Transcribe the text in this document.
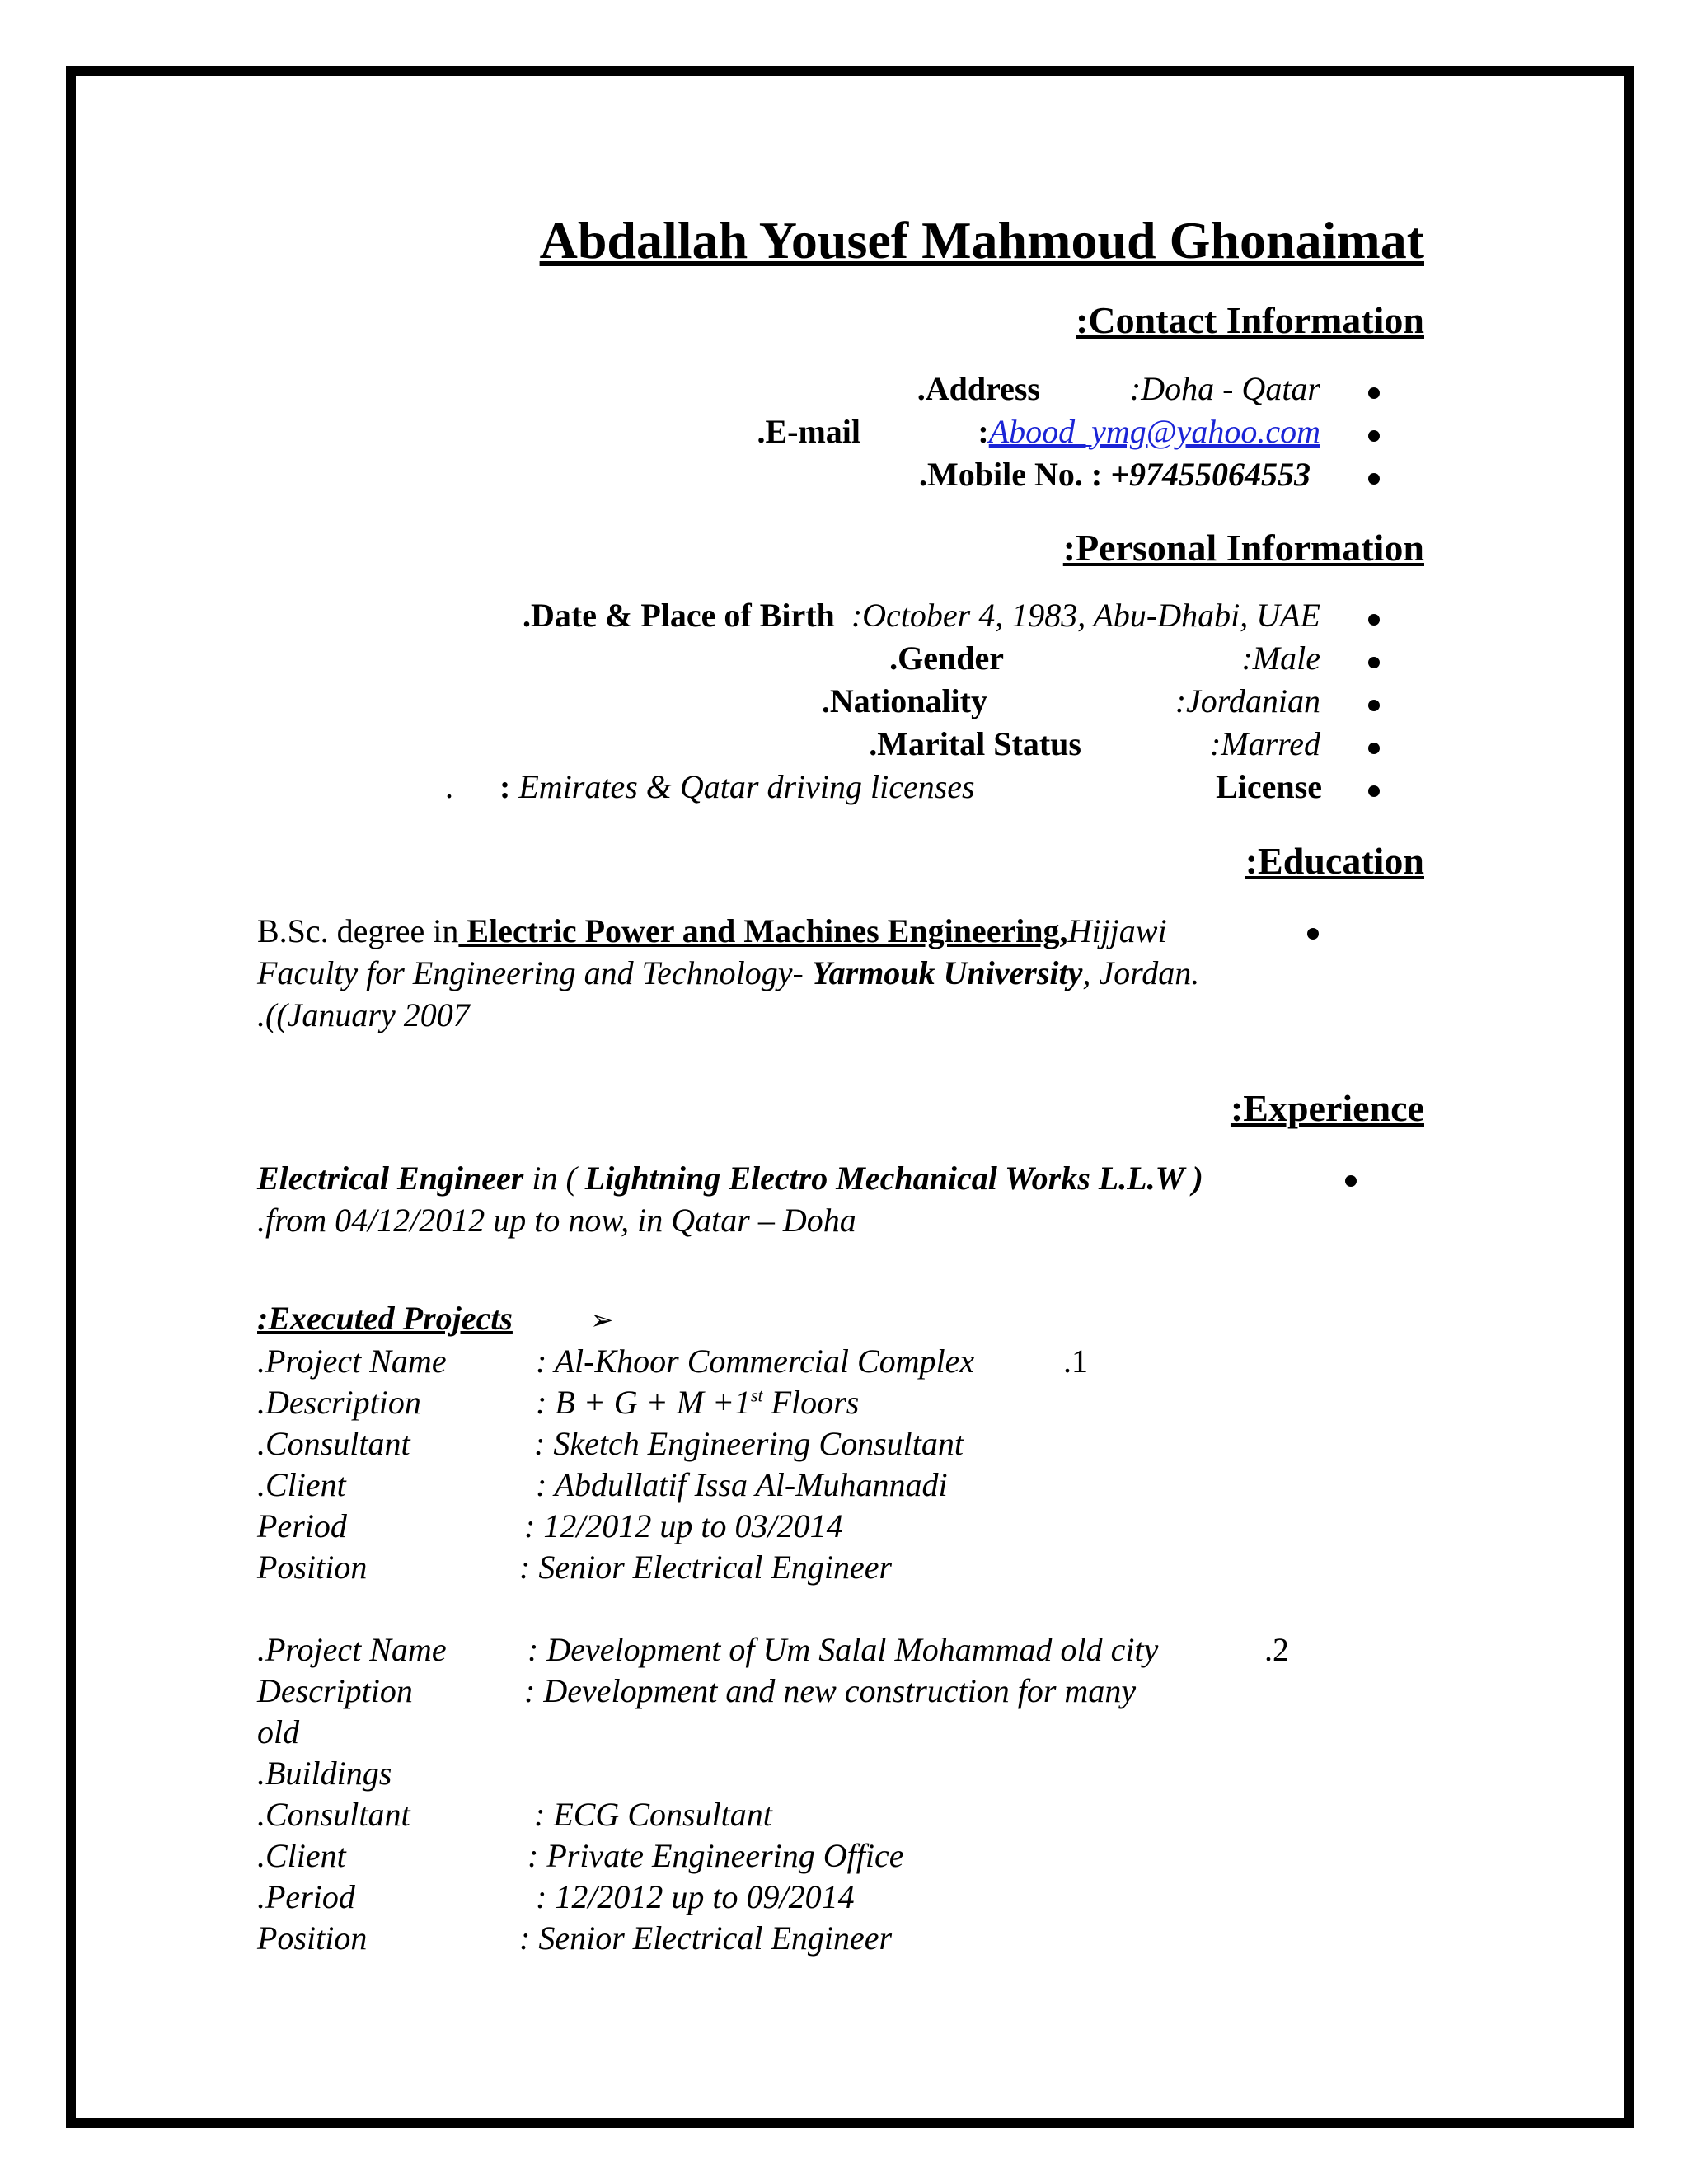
Abdallah Yousef Mahmoud Ghonaimat
:Contact Information
.Address	:Doha - Qatar
.E-mail	:Abood_ymg@yahoo.com
.Mobile No. : +97455064553
:Personal Information
.Date & Place of Birth :October 4, 1983, Abu-Dhabi, UAE
.Gender	:Male
.Nationality	:Jordanian
.Marital Status	:Marred
. : Emirates & Qatar driving licenses	License
:Education
B.Sc. degree in Electric Power and Machines Engineering,Hijjawi
Faculty for Engineering and Technology- Yarmouk University, Jordan.
.((January 2007
:Experience
Electrical Engineer in ( Lightning Electro Mechanical Works L.L.W )
.from 04/12/2012 up to now, in Qatar – Doha
:Executed Projects	➢
.1
.Project Name	: Al-Khoor Commercial Complex
.Description	: B + G + M +1st Floors
.Consultant	: Sketch Engineering Consultant
.Client	: Abdullatif Issa Al-Muhannadi
Period	: 12/2012 up to 03/2014
Position	: Senior Electrical Engineer
.2
.Project Name : Development of Um Salal Mohammad old city
Description	: Development and new construction for many
old
.Buildings
.Consultant	: ECG Consultant
.Client	: Private Engineering Office
.Period	: 12/2012 up to 09/2014
Position	: Senior Electrical Engineer
